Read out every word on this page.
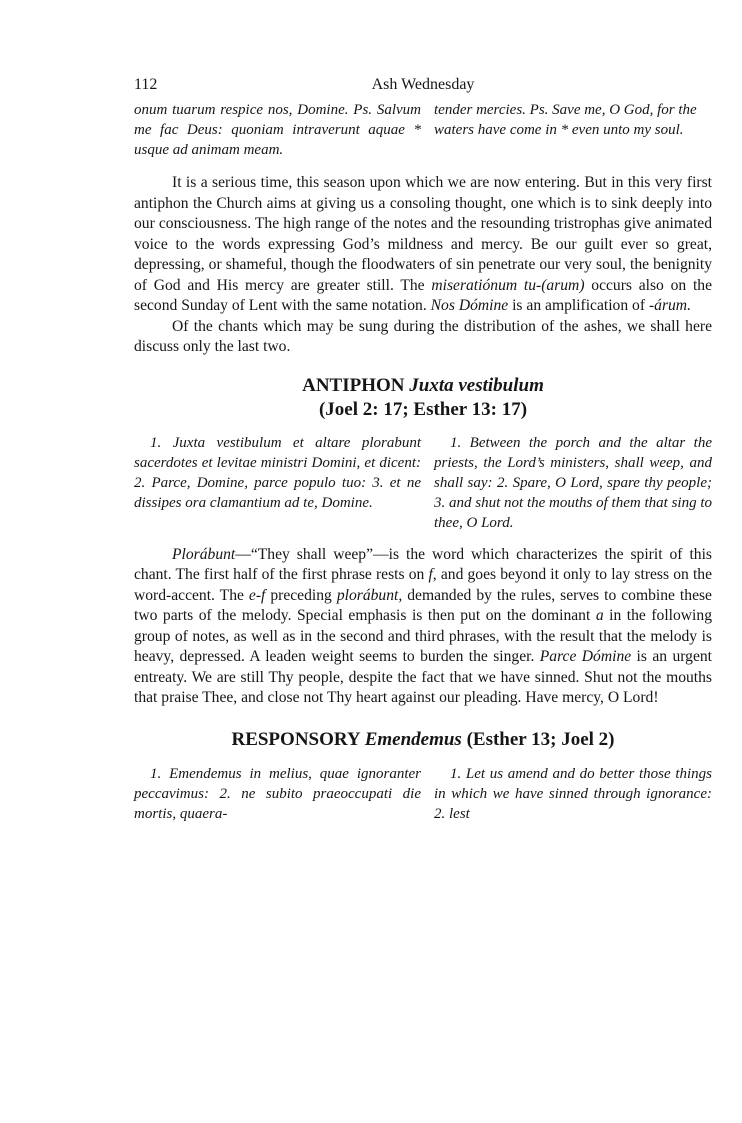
112	Ash Wednesday
onum tuarum respice nos, Domine. Ps. Salvum me fac Deus: quoniam intraverunt aquae * usque ad animam meam.
tender mercies. Ps. Save me, O God, for the waters have come in * even unto my soul.

It is a serious time, this season upon which we are now entering. But in this very first antiphon the Church aims at giving us a consoling thought, one which is to sink deeply into our consciousness. The high range of the notes and the resounding tristrophas give animated voice to the words expressing God’s mildness and mercy. Be our guilt ever so great, depressing, or shameful, though the floodwaters of sin penetrate our very soul, the benignity of God and His mercy are greater still. The miseratiónum tu-(arum) occurs also on the second Sunday of Lent with the same notation. Nos Dómine is an amplification of -árum.

Of the chants which may be sung during the distribution of the ashes, we shall here discuss only the last two.

ANTIPHON Juxta vestibulum

(Joel 2: 17; Esther 13: 17)

1. Juxta vestibulum et altare plorabunt sacerdotes et levitae ministri Domini, et dicent: 2. Parce, Domine, parce populo tuo: 3. et ne dissipes ora clamantium ad te, Domine.
1. Between the porch and the altar the priests, the Lord’s ministers, shall weep, and shall say: 2. Spare, O Lord, spare thy people; 3. and shut not the mouths of them that sing to thee, O Lord.

Plorábunt—“They shall weep”—is the word which characterizes the spirit of this chant. The first half of the first phrase rests on f, and goes beyond it only to lay stress on the word-accent. The e-f preceding plorábunt, demanded by the rules, serves to combine these two parts of the melody. Special emphasis is then put on the dominant a in the following group of notes, as well as in the second and third phrases, with the result that the melody is heavy, depressed. A leaden weight seems to burden the singer. Parce Dómine is an urgent entreaty. We are still Thy people, despite the fact that we have sinned. Shut not the mouths that praise Thee, and close not Thy heart against our pleading. Have mercy, O Lord!

RESPONSORY Emendemus (Esther 13; Joel 2)

1. Emendemus in melius, quae ignoranter peccavimus: 2. ne subito praeoccupati die mortis, quaera-
1. Let us amend and do better those things in which we have sinned through ignorance: 2. lest
